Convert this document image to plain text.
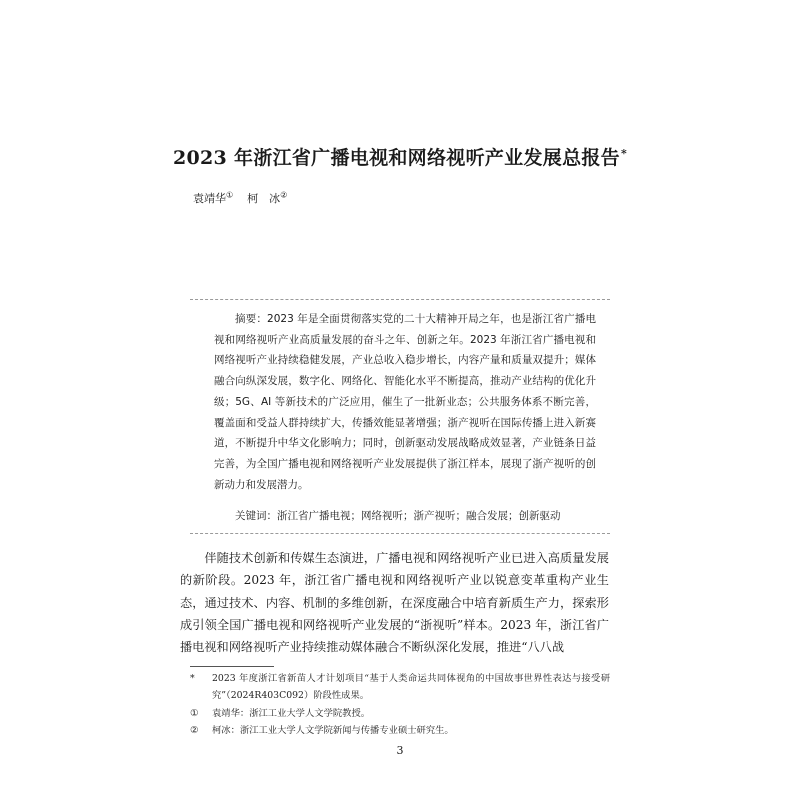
2023 年浙江省广播电视和网络视听产业发展总报告*
袁靖华① 柯　冰②
摘要：2023 年是全面贯彻落实党的二十大精神开局之年，也是浙江省广播电视和网络视听产业高质量发展的奋斗之年、创新之年。2023 年浙江省广播电视和网络视听产业持续稳健发展，产业总收入稳步增长，内容产量和质量双提升；媒体融合向纵深发展，数字化、网络化、智能化水平不断提高，推动产业结构的优化升级；5G、AI 等新技术的广泛应用，催生了一批新业态；公共服务体系不断完善，覆盖面和受益人群持续扩大，传播效能显著增强；浙产视听在国际传播上进入新赛道，不断提升中华文化影响力；同时，创新驱动发展战略成效显著，产业链条日益完善，为全国广播电视和网络视听产业发展提供了浙江样本，展现了浙产视听的创新动力和发展潜力。
关键词：浙江省广播电视；网络视听；浙产视听；融合发展；创新驱动
伴随技术创新和传媒生态演进，广播电视和网络视听产业已进入高质量发展的新阶段。2023 年，浙江省广播电视和网络视听产业以锐意变革重构产业生态，通过技术、内容、机制的多维创新，在深度融合中培育新质生产力，探索形成引领全国广播电视和网络视听产业发展的“浙视听”样本。2023 年，浙江省广播电视和网络视听产业持续推动媒体融合不断纵深化发展，推进“八八战
*	2023 年度浙江省新苗人才计划项目“基于人类命运共同体视角的中国故事世界性表达与接受研究”（2024R403C092）阶段性成果。
①	袁靖华：浙江工业大学人文学院教授。
②	柯冰：浙江工业大学人文学院新闻与传播专业硕士研究生。
3
